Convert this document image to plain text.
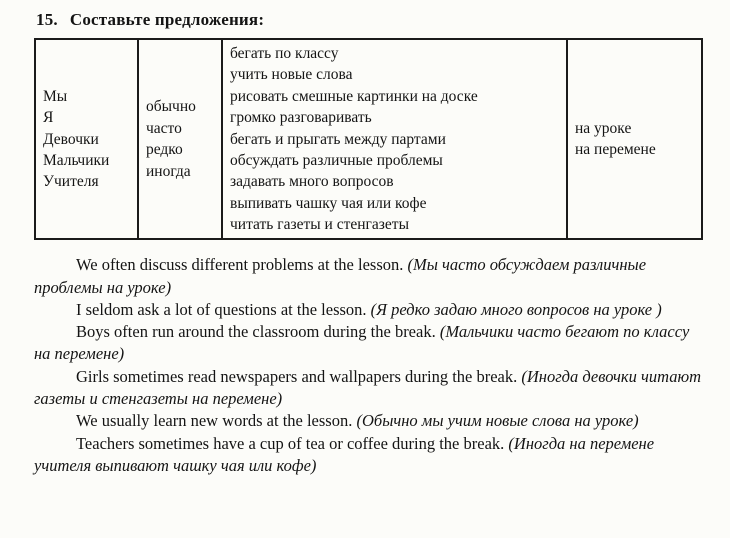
15. Составьте предложения:
Мы
Я
Девочки
Мальчики
Учителя

обычно
часто
редко
иногда

бегать по классу
учить новые слова
рисовать смешные картинки на доске
громко разговаривать
бегать и прыгать между партами
обсуждать различные проблемы
задавать много вопросов
выпивать чашку чая или кофе
читать газеты и стенгазеты

на уроке
на перемене

We often discuss different problems at the lesson. (Мы часто обсуждаем различные проблемы на уроке)

I seldom ask a lot of questions at the lesson. (Я редко задаю много вопросов на уроке )

Boys often run around the classroom during the break. (Мальчики часто бегают по классу на перемене)

Girls sometimes read newspapers and wallpapers during the break. (Иногда девочки читают газеты и стенгазеты на перемене)

We usually learn new words at the lesson. (Обычно мы учим новые слова на уроке)

Teachers sometimes have a cup of tea or coffee during the break. (Иногда на перемене учителя выпивают чашку чая или кофе)
